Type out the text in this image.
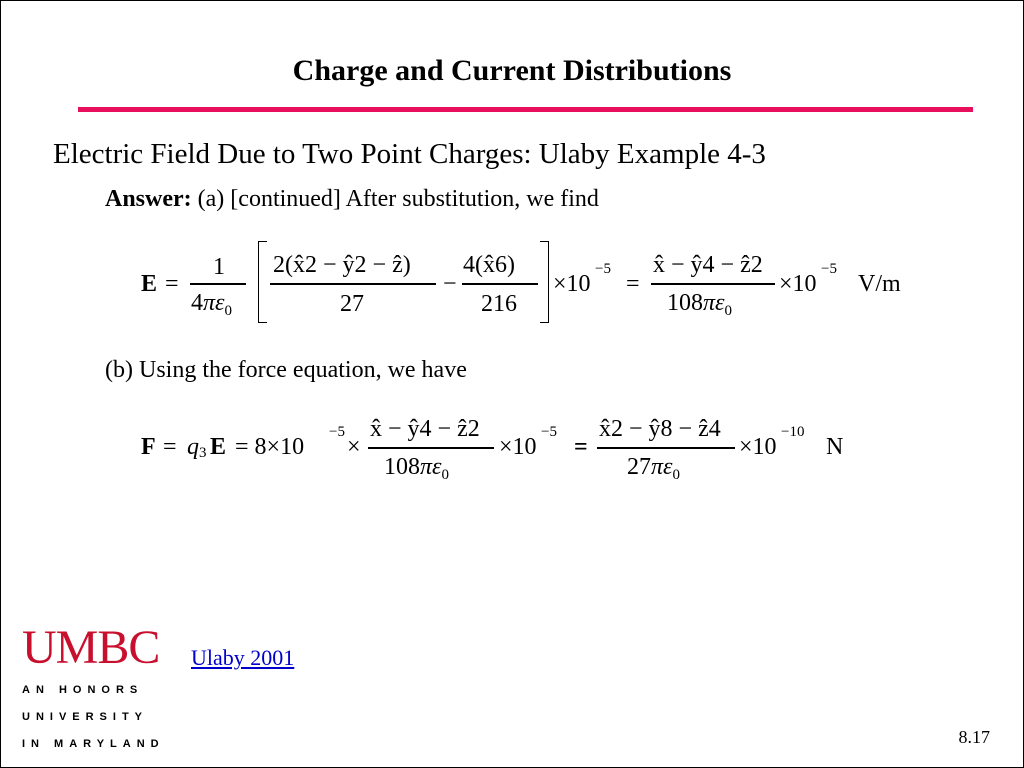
Charge and Current Distributions
Electric Field Due to Two Point Charges: Ulaby Example 4-3
Answer: (a) [continued] After substitution, we find
E =
1
$4\pi\varepsilon_0$
2(x̂2 − ŷ2 − ẑ)
27
−
4(x̂6)
216
×10
−5
=
x̂ − ŷ4 − ẑ2
$108\pi\varepsilon_0$
×10
−5
V/m
(b) Using the force equation, we have
F = q 3 E = 8×10
−5
×
x̂ − ŷ4 − ẑ2
$108\pi\varepsilon_0$
×10
−5
=
x̂2 − ŷ8 − ẑ4
$27\pi\varepsilon_0$
×10
−10
N
UMBC
AN HONORS
UNIVERSITY
IN MARYLAND
Ulaby 2001
8.17
